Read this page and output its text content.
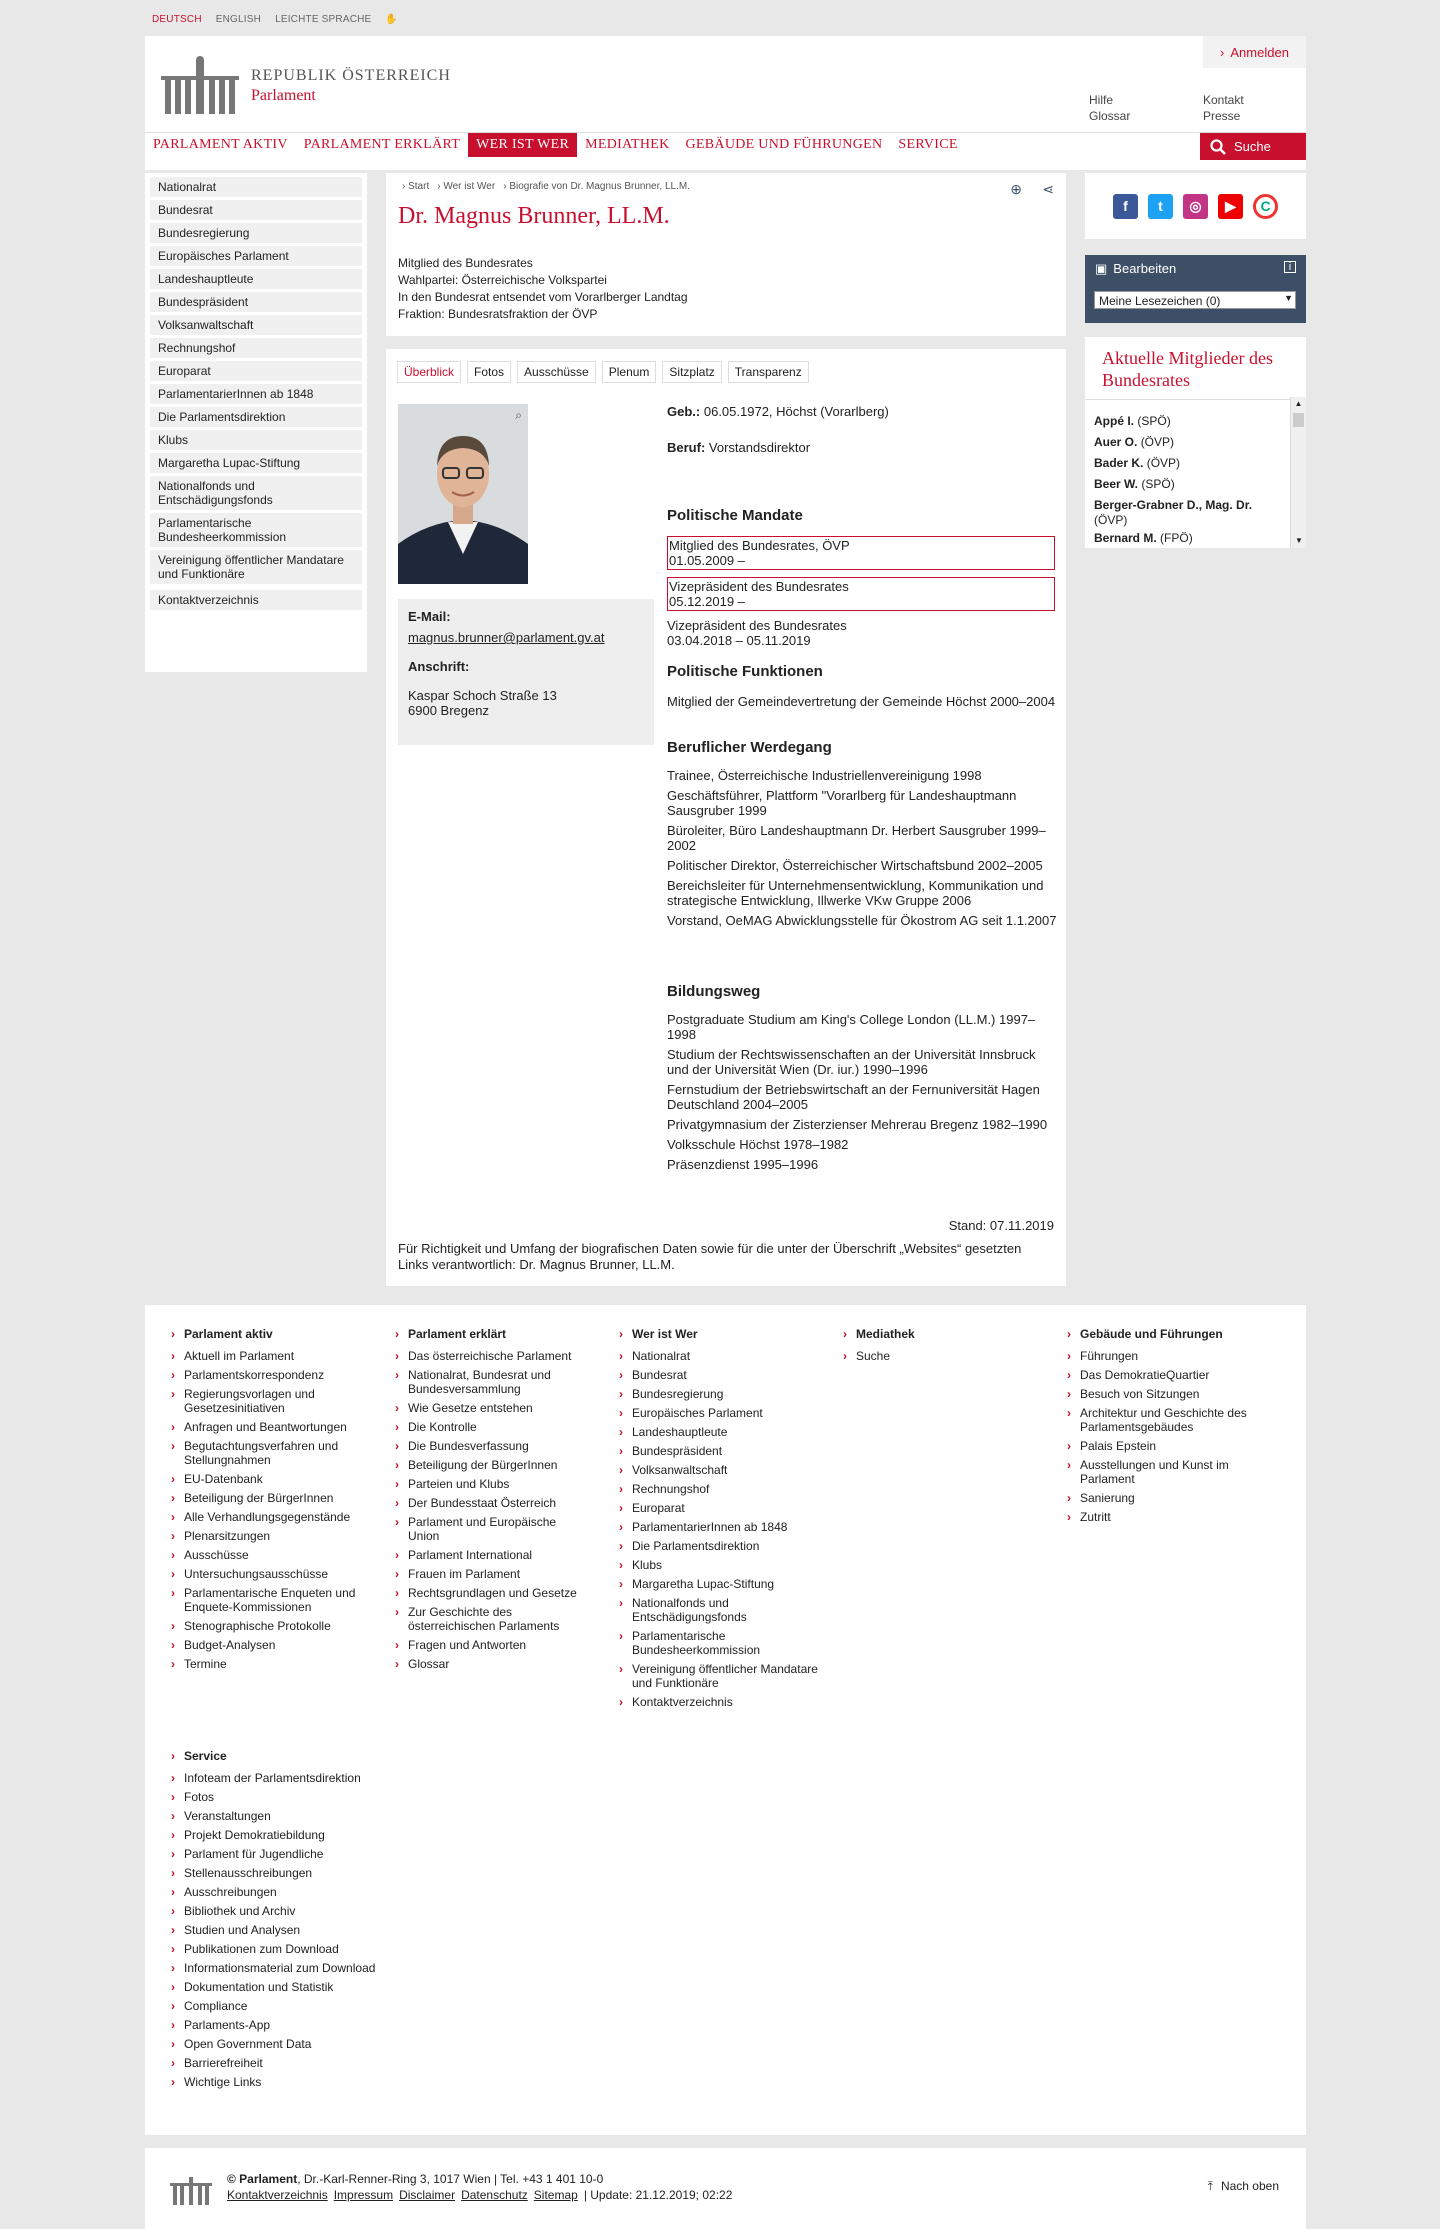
DEUTSCH ENGLISH LEICHTE SPRACHE ✋
REPUBLIK ÖSTERREICH
Parlament
› Anmelden
Hilfe
Glossar
Kontakt
Presse
PARLAMENT AKTIV	PARLAMENT ERKLÄRT	WER IST WER	MEDIATHEK	GEBÄUDE UND FÜHRUNGEN	SERVICE	Suche
Nationalrat
Bundesrat
Bundesregierung
Europäisches Parlament
Landeshauptleute
Bundespräsident
Volksanwaltschaft
Rechnungshof
Europarat
ParlamentarierInnen ab 1848
Die Parlamentsdirektion
Klubs
Margaretha Lupac-Stiftung
Nationalfonds und Entschädigungsfonds
Parlamentarische Bundesheerkommission
Vereinigung öffentlicher Mandatare und Funktionäre
Kontaktverzeichnis
› Start › Wer ist Wer › Biografie von Dr. Magnus Brunner, LL.M.	⊕ ⋖
Dr. Magnus Brunner, LL.M.
Mitglied des Bundesrates
Wahlpartei: Österreichische Volkspartei
In den Bundesrat entsendet vom Vorarlberger Landtag
Fraktion: Bundesratsfraktion der ÖVP
Überblick	Fotos	Ausschüsse	Plenum	Sitzplatz	Transparenz
⌕
E-Mail:
magnus.brunner@parlament.gv.at
Anschrift:
Kaspar Schoch Straße 13
6900 Bregenz
Geb.: 06.05.1972, Höchst (Vorarlberg)
Beruf: Vorstandsdirektor
Politische Mandate
Mitglied des Bundesrates, ÖVP
01.05.2009 –
Vizepräsident des Bundesrates
05.12.2019 –
Vizepräsident des Bundesrates
03.04.2018 – 05.11.2019
Politische Funktionen
Mitglied der Gemeindevertretung der Gemeinde Höchst 2000–2004
Beruflicher Werdegang
Trainee, Österreichische Industriellenvereinigung 1998
Geschäftsführer, Plattform "Vorarlberg für Landeshauptmann Sausgruber 1999
Büroleiter, Büro Landeshauptmann Dr. Herbert Sausgruber 1999–2002
Politischer Direktor, Österreichischer Wirtschaftsbund 2002–2005
Bereichsleiter für Unternehmensentwicklung, Kommunikation und strategische Entwicklung, Illwerke VKw Gruppe 2006
Vorstand, OeMAG Abwicklungsstelle für Ökostrom AG seit 1.1.2007
Bildungsweg
Postgraduate Studium am King's College London (LL.M.) 1997–1998
Studium der Rechtswissenschaften an der Universität Innsbruck und der Universität Wien (Dr. iur.) 1990–1996
Fernstudium der Betriebswirtschaft an der Fernuniversität Hagen Deutschland 2004–2005
Privatgymnasium der Zisterzienser Mehrerau Bregenz 1982–1990
Volksschule Höchst 1978–1982
Präsenzdienst 1995–1996
Stand: 07.11.2019
Für Richtigkeit und Umfang der biografischen Daten sowie für die unter der Überschrift „Websites“ gesetzten Links verantwortlich: Dr. Magnus Brunner, LL.M.
f	t	◎	▶	C
▣ Bearbeiten	i
Meine Lesezeichen (0)	▼
Aktuelle Mitglieder des Bundesrates
Appé I. (SPÖ)
Auer O. (ÖVP)
Bader K. (ÖVP)
Beer W. (SPÖ)
Berger-Grabner D., Mag. Dr.
(ÖVP)
Bernard M. (FPÖ)
▲
▼
› Parlament aktiv
› Aktuell im Parlament
› Parlamentskorrespondenz
› Regierungsvorlagen und Gesetzesinitiativen
› Anfragen und Beantwortungen
› Begutachtungsverfahren und Stellungnahmen
› EU-Datenbank
› Beteiligung der BürgerInnen
› Alle Verhandlungsgegenstände
› Plenarsitzungen
› Ausschüsse
› Untersuchungsausschüsse
› Parlamentarische Enqueten und Enquete-Kommissionen
› Stenographische Protokolle
› Budget-Analysen
› Termine
› Parlament erklärt
› Das österreichische Parlament
› Nationalrat, Bundesrat und Bundesversammlung
› Wie Gesetze entstehen
› Die Kontrolle
› Die Bundesverfassung
› Beteiligung der BürgerInnen
› Parteien und Klubs
› Der Bundesstaat Österreich
› Parlament und Europäische Union
› Parlament International
› Frauen im Parlament
› Rechtsgrundlagen und Gesetze
› Zur Geschichte des österreichischen Parlaments
› Fragen und Antworten
› Glossar
› Wer ist Wer
› Nationalrat
› Bundesrat
› Bundesregierung
› Europäisches Parlament
› Landeshauptleute
› Bundespräsident
› Volksanwaltschaft
› Rechnungshof
› Europarat
› ParlamentarierInnen ab 1848
› Die Parlamentsdirektion
› Klubs
› Margaretha Lupac-Stiftung
› Nationalfonds und Entschädigungsfonds
› Parlamentarische Bundesheerkommission
› Vereinigung öffentlicher Mandatare und Funktionäre
› Kontaktverzeichnis
› Mediathek
› Suche
› Gebäude und Führungen
› Führungen
› Das DemokratieQuartier
› Besuch von Sitzungen
› Architektur und Geschichte des Parlamentsgebäudes
› Palais Epstein
› Ausstellungen und Kunst im Parlament
› Sanierung
› Zutritt
› Service
› Infoteam der Parlamentsdirektion
› Fotos
› Veranstaltungen
› Projekt Demokratiebildung
› Parlament für Jugendliche
› Stellenausschreibungen
› Ausschreibungen
› Bibliothek und Archiv
› Studien und Analysen
› Publikationen zum Download
› Informationsmaterial zum Download
› Dokumentation und Statistik
› Compliance
› Parlaments-App
› Open Government Data
› Barrierefreiheit
› Wichtige Links
© Parlament, Dr.-Karl-Renner-Ring 3, 1017 Wien | Tel. +43 1 401 10-0
Kontaktverzeichnis Impressum Disclaimer Datenschutz Sitemap | Update: 21.12.2019; 02:22
⤒ Nach oben
